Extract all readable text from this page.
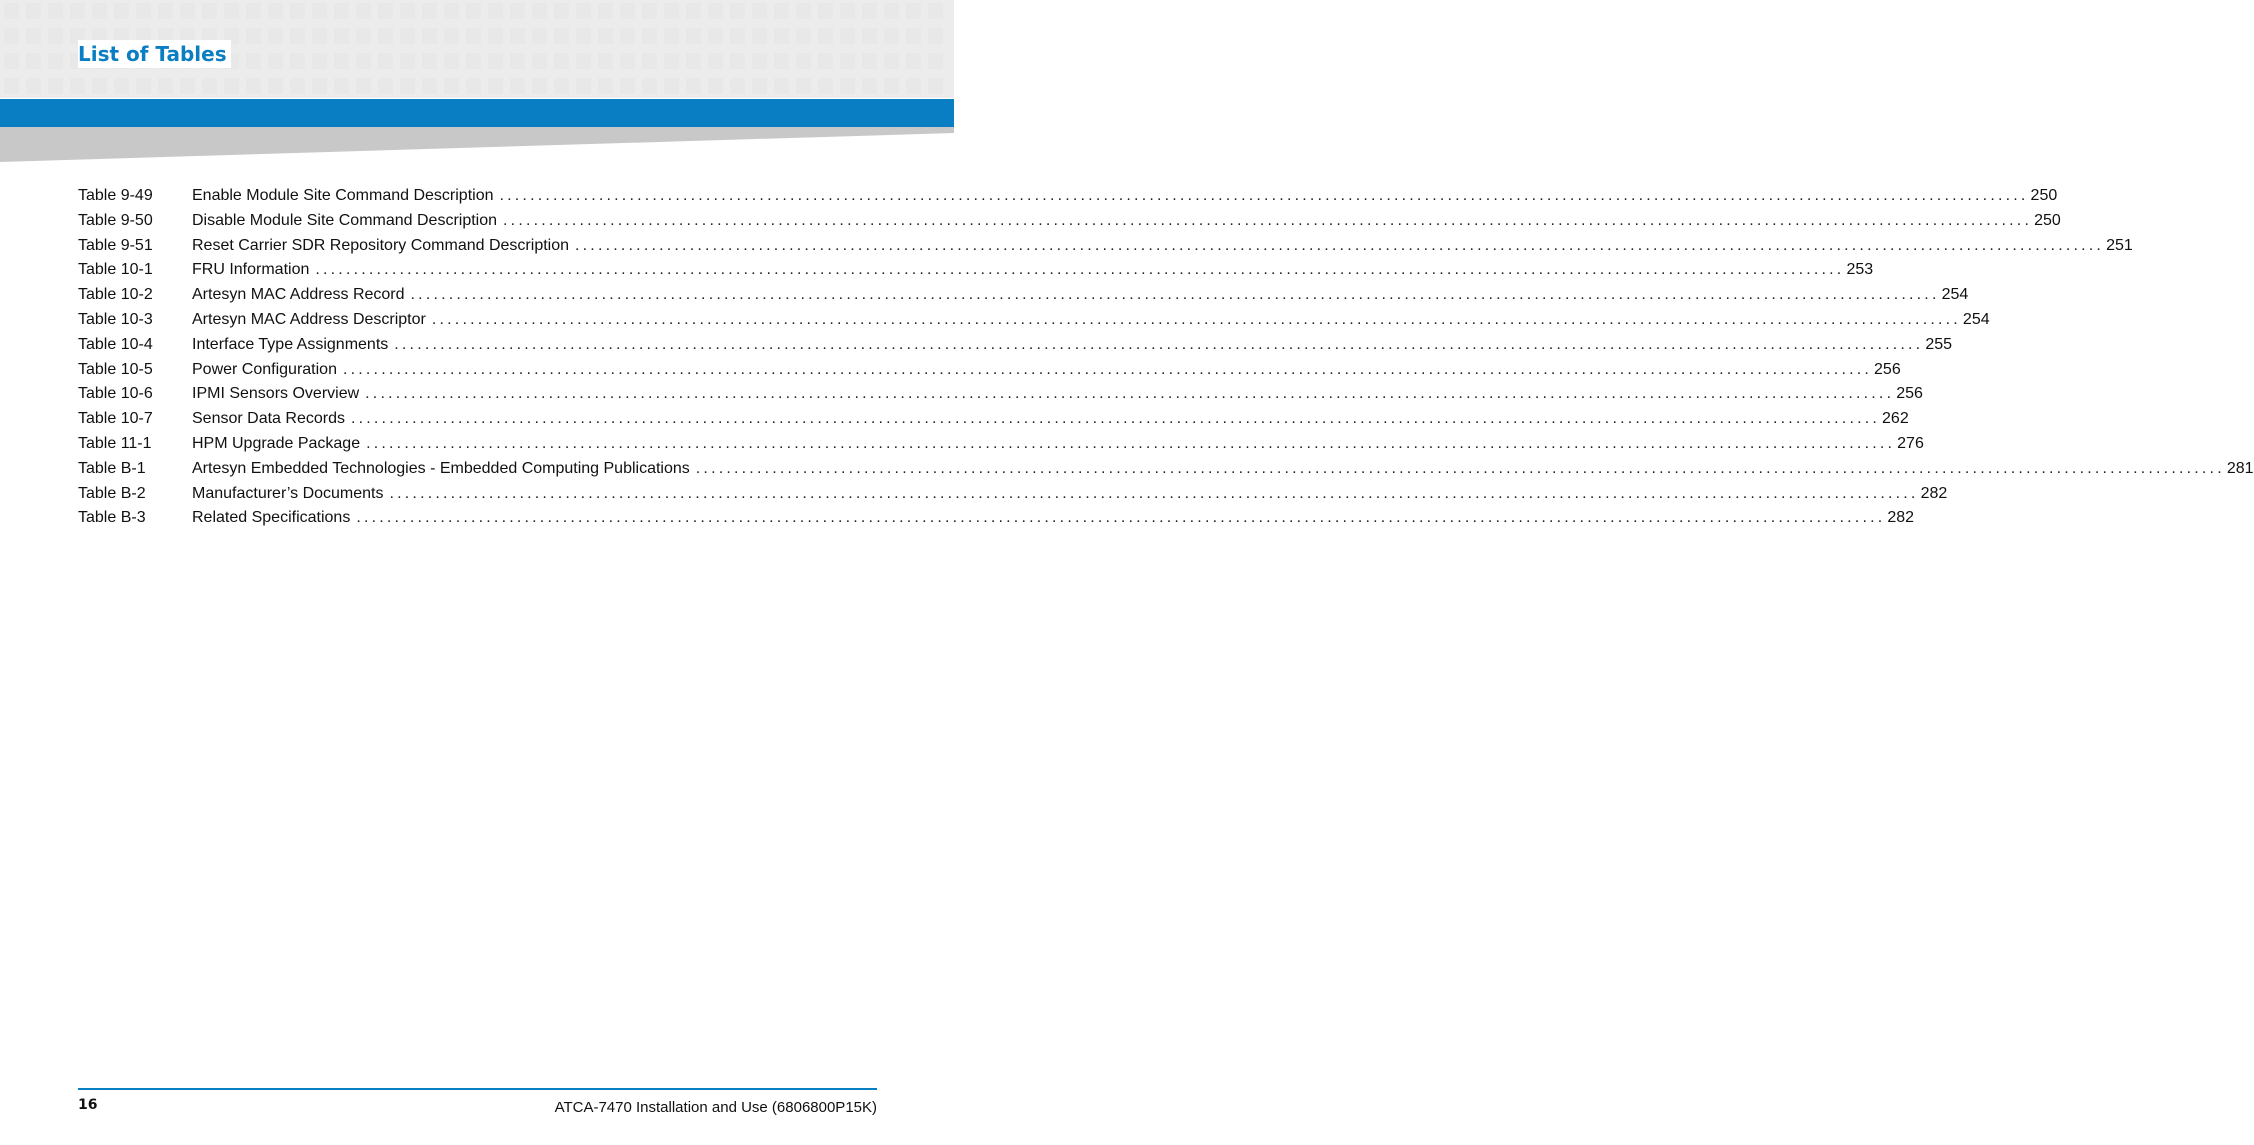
List of Tables
Table 9-49	Enable Module Site Command Description ........................................................................................................................................................................................................ 250
Table 9-50	Disable Module Site Command Description ........................................................................................................................................................................................................ 250
Table 9-51	Reset Carrier SDR Repository Command Description ........................................................................................................................................................................................................ 251
Table 10-1	FRU Information ........................................................................................................................................................................................................ 253
Table 10-2	Artesyn MAC Address Record ........................................................................................................................................................................................................ 254
Table 10-3	Artesyn MAC Address Descriptor ........................................................................................................................................................................................................ 254
Table 10-4	Interface Type Assignments ........................................................................................................................................................................................................ 255
Table 10-5	Power Configuration ........................................................................................................................................................................................................ 256
Table 10-6	IPMI Sensors Overview ........................................................................................................................................................................................................ 256
Table 10-7	Sensor Data Records ........................................................................................................................................................................................................ 262
Table 11-1	HPM Upgrade Package ........................................................................................................................................................................................................ 276
Table B-1	Artesyn Embedded Technologies - Embedded Computing Publications ........................................................................................................................................................................................................ 281
Table B-2	Manufacturer’s Documents ........................................................................................................................................................................................................ 282
Table B-3	Related Specifications ........................................................................................................................................................................................................ 282
16	ATCA-7470 Installation and Use (6806800P15K)
